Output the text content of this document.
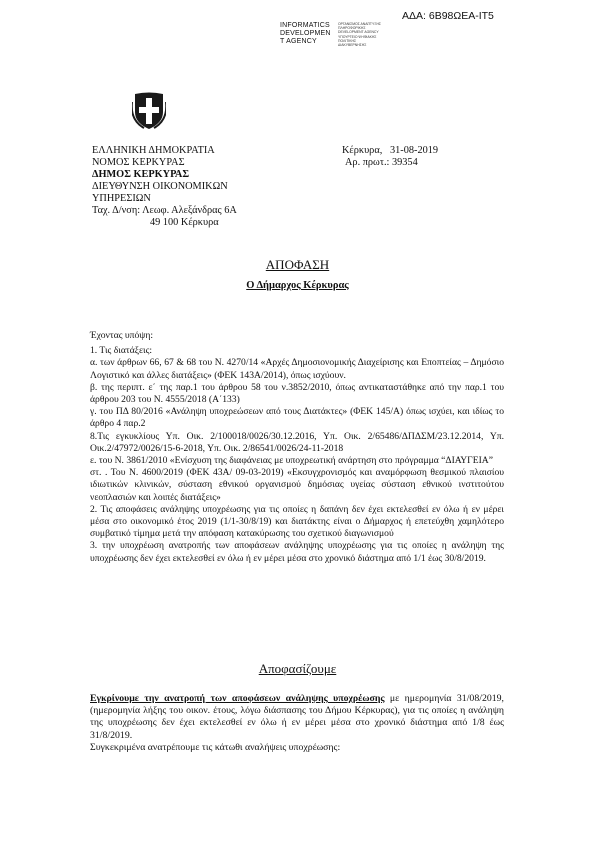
ΑΔΑ: 6Β98ΩΕΑ-ΙΤ5
INFORMATICS
DEVELOPMEN
T AGENCY
ΟΡΓΑΝΙΣΜΟΣ ΑΝΑΠΤΥΞΗΣ
ΠΛΗΡΟΦΟΡΙΚΗΣ
DEVELOPMENT AGENCY
ΥΠΟΥΡΓΕΙΟ ΨΗΦΙΑΚΗΣ
ΠΟΛΙΤΙΚΗΣ
ΔΙΑΚΥΒΕΡΝΗΣΗΣ
ΕΛΛΗΝΙΚΗ ΔΗΜΟΚΡΑΤΙΑ
ΝΟΜΟΣ ΚΕΡΚΥΡΑΣ
ΔΗΜΟΣ ΚΕΡΚΥΡΑΣ
ΔΙΕΥΘΥΝΣΗ ΟΙΚΟΝΟΜΙΚΩΝ
ΥΠΗΡΕΣΙΩΝ
Ταχ. Δ/νση: Λεωφ. Αλεξάνδρας 6Α
49 100 Κέρκυρα
Κέρκυρα,   31-08-2019
Αρ. πρωτ.: 39354
ΑΠΟΦΑΣΗ
Ο Δήμαρχος Κέρκυρας

Έχοντας υπόψη:

1. Τις διατάξεις:

α. των άρθρων 66, 67 & 68 του Ν. 4270/14 «Αρχές Δημοσιονομικής Διαχείρισης και Εποπτείας – Δημόσιο Λογιστικό και άλλες διατάξεις» (ΦΕΚ 143Α/2014), όπως ισχύουν.

β. της περιπτ. ε΄ της παρ.1 του άρθρου 58 του ν.3852/2010, όπως αντικαταστάθηκε από την παρ.1 του άρθρου 203 του Ν. 4555/2018 (Α΄133)

γ. του ΠΔ 80/2016 «Ανάληψη υποχρεώσεων από τους Διατάκτες» (ΦΕΚ 145/Α) όπως ισχύει, και ιδίως το άρθρο 4 παρ.2

8.Τις εγκυκλίους Υπ. Οικ. 2/100018/0026/30.12.2016, Υπ. Οικ. 2/65486/ΔΠΔΣΜ/23.12.2014, Υπ. Οικ.2/47972/0026/15-6-2018, Υπ. Οικ. 2/86541/0026/24-11-2018

ε. του Ν. 3861/2010 «Ενίσχυση της διαφάνειας με υποχρεωτική ανάρτηση στο πρόγραμμα “ΔΙΑΥΓΕΙΑ”

στ. . Του Ν. 4600/2019 (ΦΕΚ 43Α/ 09-03-2019) «Εκσυγχρονισμός και αναμόρφωση θεσμικού πλαισίου ιδιωτικών κλινικών, σύσταση εθνικού οργανισμού δημόσιας υγείας σύσταση εθνικού ινστιτούτου νεοπλασιών και λοιπές διατάξεις»

2. Τις αποφάσεις ανάληψης υποχρέωσης για τις οποίες η δαπάνη δεν έχει εκτελεσθεί εν όλω ή εν μέρει μέσα στο οικονομικό έτος 2019 (1/1-30/8/19) και διατάκτης είναι ο Δήμαρχος ή επετεύχθη χαμηλότερο συμβατικό τίμημα μετά την απόφαση κατακύρωσης του σχετικού διαγωνισμού

3. την υποχρέωση ανατροπής των αποφάσεων ανάληψης υποχρέωσης για τις οποίες η ανάληψη της υποχρέωσης δεν έχει εκτελεσθεί εν όλω ή εν μέρει μέσα στο χρονικό διάστημα από 1/1 έως 30/8/2019.

Αποφασίζουμε

Εγκρίνουμε την ανατροπή των αποφάσεων ανάληψης υποχρέωσης με ημερομηνία 31/08/2019, (ημερομηνία λήξης του οικον. έτους, λόγω διάσπασης του Δήμου Κέρκυρας), για τις οποίες η ανάληψη της υποχρέωσης δεν έχει εκτελεσθεί εν όλω ή εν μέρει μέσα στο χρονικό διάστημα από 1/8 έως 31/8/2019.

Συγκεκριμένα ανατρέπουμε τις κάτωθι αναλήψεις υποχρέωσης:
